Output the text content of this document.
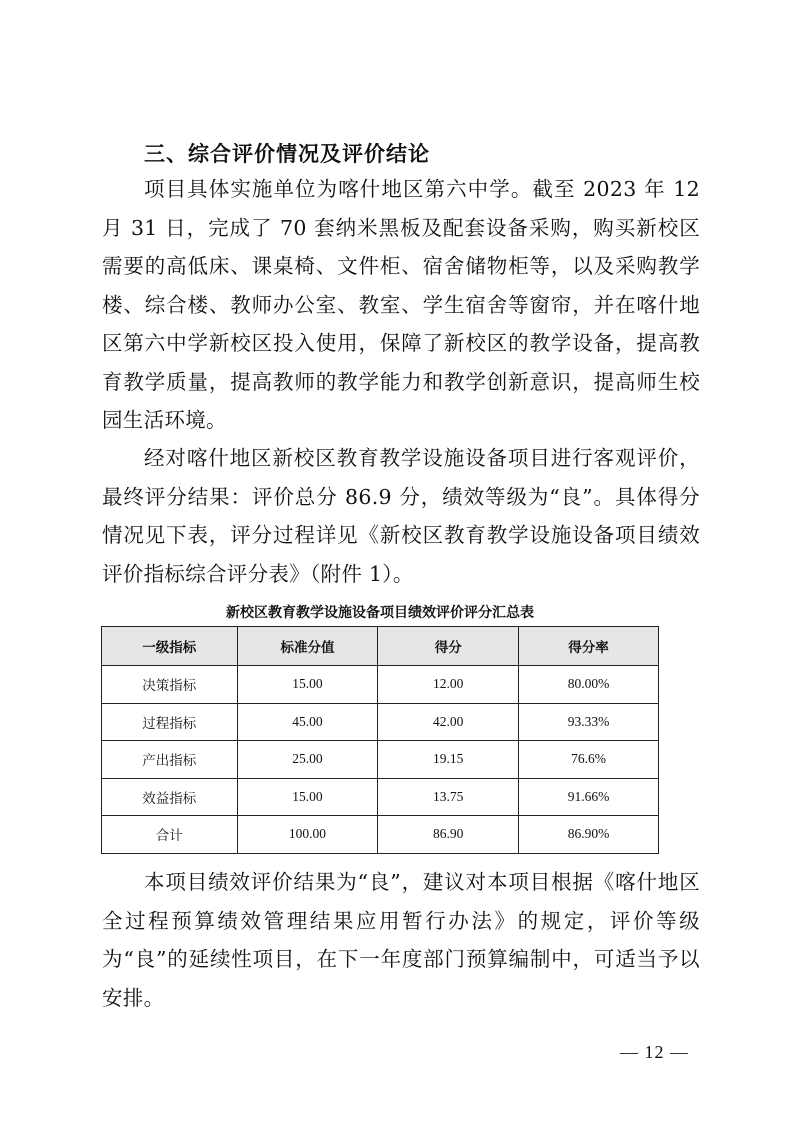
三、综合评价情况及评价结论
项目具体实施单位为喀什地区第六中学。截至 2023 年 12 月 31 日，完成了 70 套纳米黑板及配套设备采购，购买新校区需要的高低床、课桌椅、文件柜、宿舍储物柜等，以及采购教学楼、综合楼、教师办公室、教室、学生宿舍等窗帘，并在喀什地区第六中学新校区投入使用，保障了新校区的教学设备，提高教育教学质量，提高教师的教学能力和教学创新意识，提高师生校园生活环境。
经对喀什地区新校区教育教学设施设备项目进行客观评价，最终评分结果：评价总分 86.9 分，绩效等级为“良”。具体得分情况见下表，评分过程详见《新校区教育教学设施设备项目绩效评价指标综合评分表》（附件 1）。
新校区教育教学设施设备项目绩效评价评分汇总表
一级指标	标准分值	得分	得分率
决策指标	15.00	12.00	80.00%
过程指标	45.00	42.00	93.33%
产出指标	25.00	19.15	76.6%
效益指标	15.00	13.75	91.66%
合计	100.00	86.90	86.90%
本项目绩效评价结果为“良”，建议对本项目根据《喀什地区全过程预算绩效管理结果应用暂行办法》的规定，评价等级为“良”的延续性项目，在下一年度部门预算编制中，可适当予以安排。
— 12 —
